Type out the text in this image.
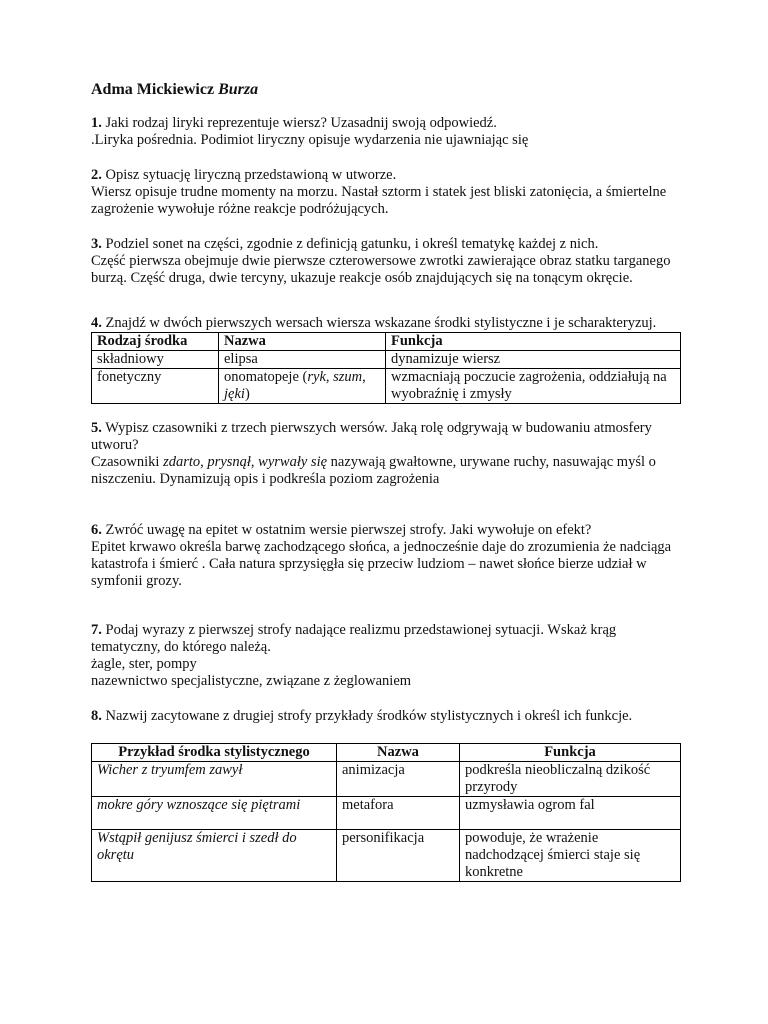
Adma Mickiewicz Burza

1. Jaki rodzaj liryki reprezentuje wiersz? Uzasadnij swoją odpowiedź.

.Liryka pośrednia. Podimiot liryczny opisuje wydarzenia nie ujawniając się

2. Opisz sytuację liryczną przedstawioną w utworze.

Wiersz opisuje trudne momenty na morzu. Nastał sztorm i statek jest bliski zatonięcia, a śmiertelne zagrożenie wywołuje różne reakcje podróżujących.

3. Podziel sonet na części, zgodnie z definicją gatunku, i określ tematykę każdej z nich.

Część pierwsza obejmuje dwie pierwsze czterowersowe zwrotki zawierające obraz statku targanego burzą. Część druga, dwie tercyny, ukazuje reakcje osób znajdujących się na tonącym okręcie.

4. Znajdź w dwóch pierwszych wersach wiersza wskazane środki stylistyczne i je scharakteryzuj.

Rodzaj środka	Nazwa	Funkcja
składniowy	elipsa	dynamizuje wiersz
fonetyczny	onomatopeje (ryk, szum, jęki)	wzmacniają poczucie zagrożenia, oddziałują na wyobraźnię i zmysły

5. Wypisz czasowniki z trzech pierwszych wersów. Jaką rolę odgrywają w budowaniu atmosfery utworu?

Czasowniki zdarto, prysnął, wyrwały się nazywają gwałtowne, urywane ruchy, nasuwając myśl o niszczeniu. Dynamizują opis i podkreśla poziom zagrożenia

6. Zwróć uwagę na epitet w ostatnim wersie pierwszej strofy. Jaki wywołuje on efekt?

Epitet krwawo określa barwę zachodzącego słońca, a jednocześnie daje do zrozumienia że nadciąga katastrofa i śmierć . Cała natura sprzysięgła się przeciw ludziom – nawet słońce bierze udział w symfonii grozy.

7. Podaj wyrazy z pierwszej strofy nadające realizmu przedstawionej sytuacji. Wskaż krąg tematyczny, do którego należą.

żagle, ster, pompy

nazewnictwo specjalistyczne, związane z żeglowaniem

8. Nazwij zacytowane z drugiej strofy przykłady środków stylistycznych i określ ich funkcje.

Przykład środka stylistycznego	Nazwa	Funkcja
Wicher z tryumfem zawył	animizacja	podkreśla nieobliczalną dzikość przyrody
mokre góry wznoszące się piętrami	metafora	uzmysławia ogrom fal
Wstąpił genijusz śmierci i szedł do okrętu	personifikacja	powoduje, że wrażenie nadchodzącej śmierci staje się konkretne
